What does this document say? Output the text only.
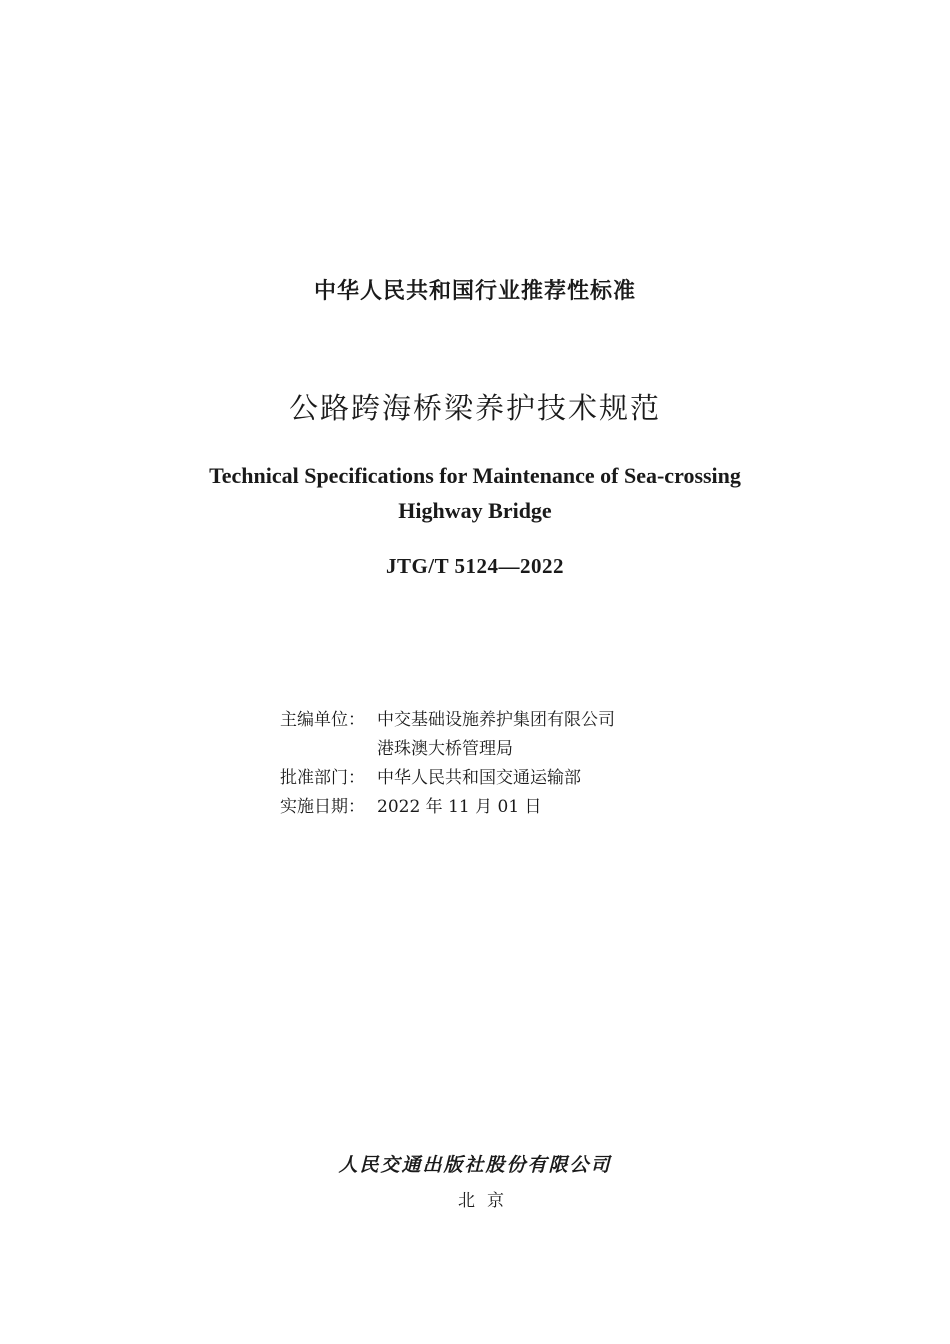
中华人民共和国行业推荐性标准
公路跨海桥梁养护技术规范
Technical Specifications for Maintenance of Sea-crossing
Highway Bridge
JTG/T 5124—2022
主编单位： 中交基础设施养护集团有限公司
港珠澳大桥管理局
批准部门： 中华人民共和国交通运输部
实施日期： 2022 年 11 月 01 日
人民交通出版社股份有限公司
北京
